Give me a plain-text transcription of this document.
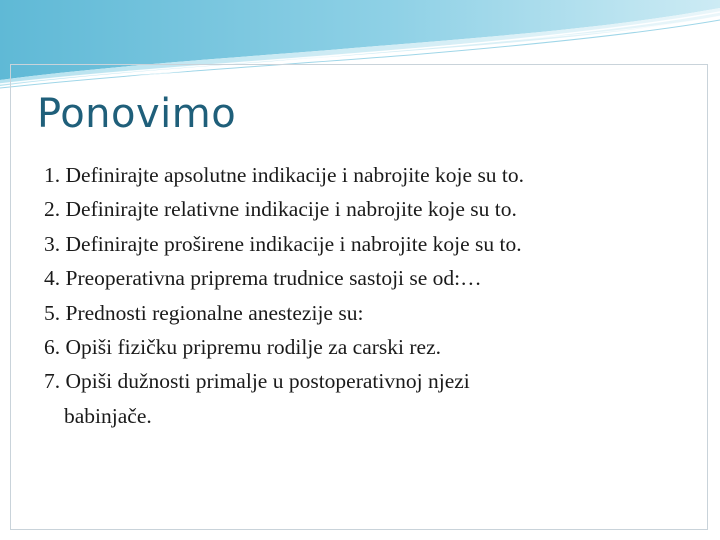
Ponovimo
1. Definirajte apsolutne indikacije i nabrojite koje su to.
2. Definirajte relativne indikacije i nabrojite koje su to.
3. Definirajte proširene indikacije i nabrojite koje su to.
4. Preoperativna priprema trudnice sastoji se od:…
5. Prednosti regionalne anestezije su:
6. Opiši fizičku pripremu rodilje za carski rez.
7. Opiši dužnosti primalje u postoperativnoj njezi
babinjače.
